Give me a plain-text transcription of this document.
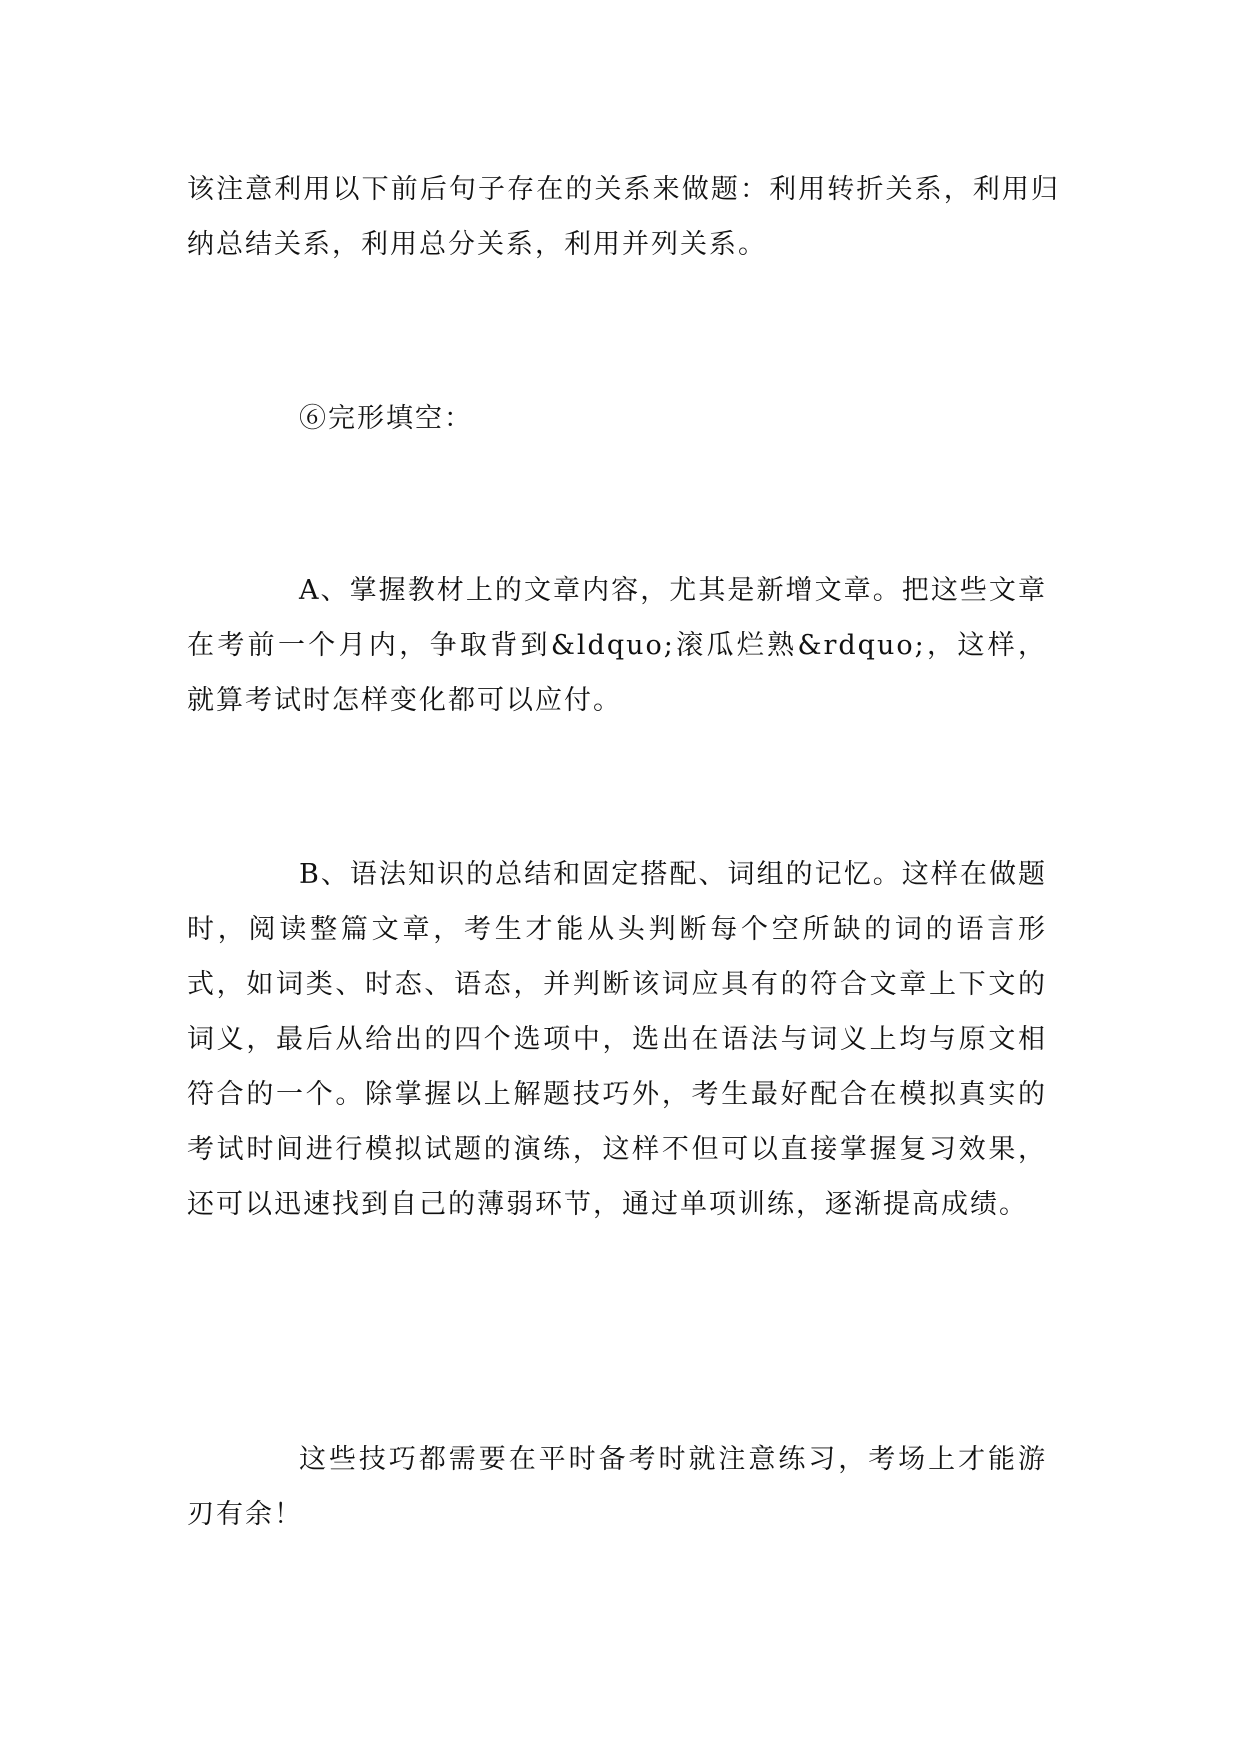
该注意利用以下前后句子存在的关系来做题：利用转折关系，利用归纳总结关系，利用总分关系，利用并列关系。

⑥完形填空：

A、掌握教材上的文章内容，尤其是新增文章。把这些文章在考前一个月内，争取背到&ldquo;滚瓜烂熟&rdquo;，这样，就算考试时怎样变化都可以应付。

B、语法知识的总结和固定搭配、词组的记忆。这样在做题时，阅读整篇文章，考生才能从头判断每个空所缺的词的语言形式，如词类、时态、语态，并判断该词应具有的符合文章上下文的词义，最后从给出的四个选项中，选出在语法与词义上均与原文相符合的一个。除掌握以上解题技巧外，考生最好配合在模拟真实的考试时间进行模拟试题的演练，这样不但可以直接掌握复习效果，还可以迅速找到自己的薄弱环节，通过单项训练，逐渐提高成绩。

这些技巧都需要在平时备考时就注意练习，考场上才能游刃有余！
